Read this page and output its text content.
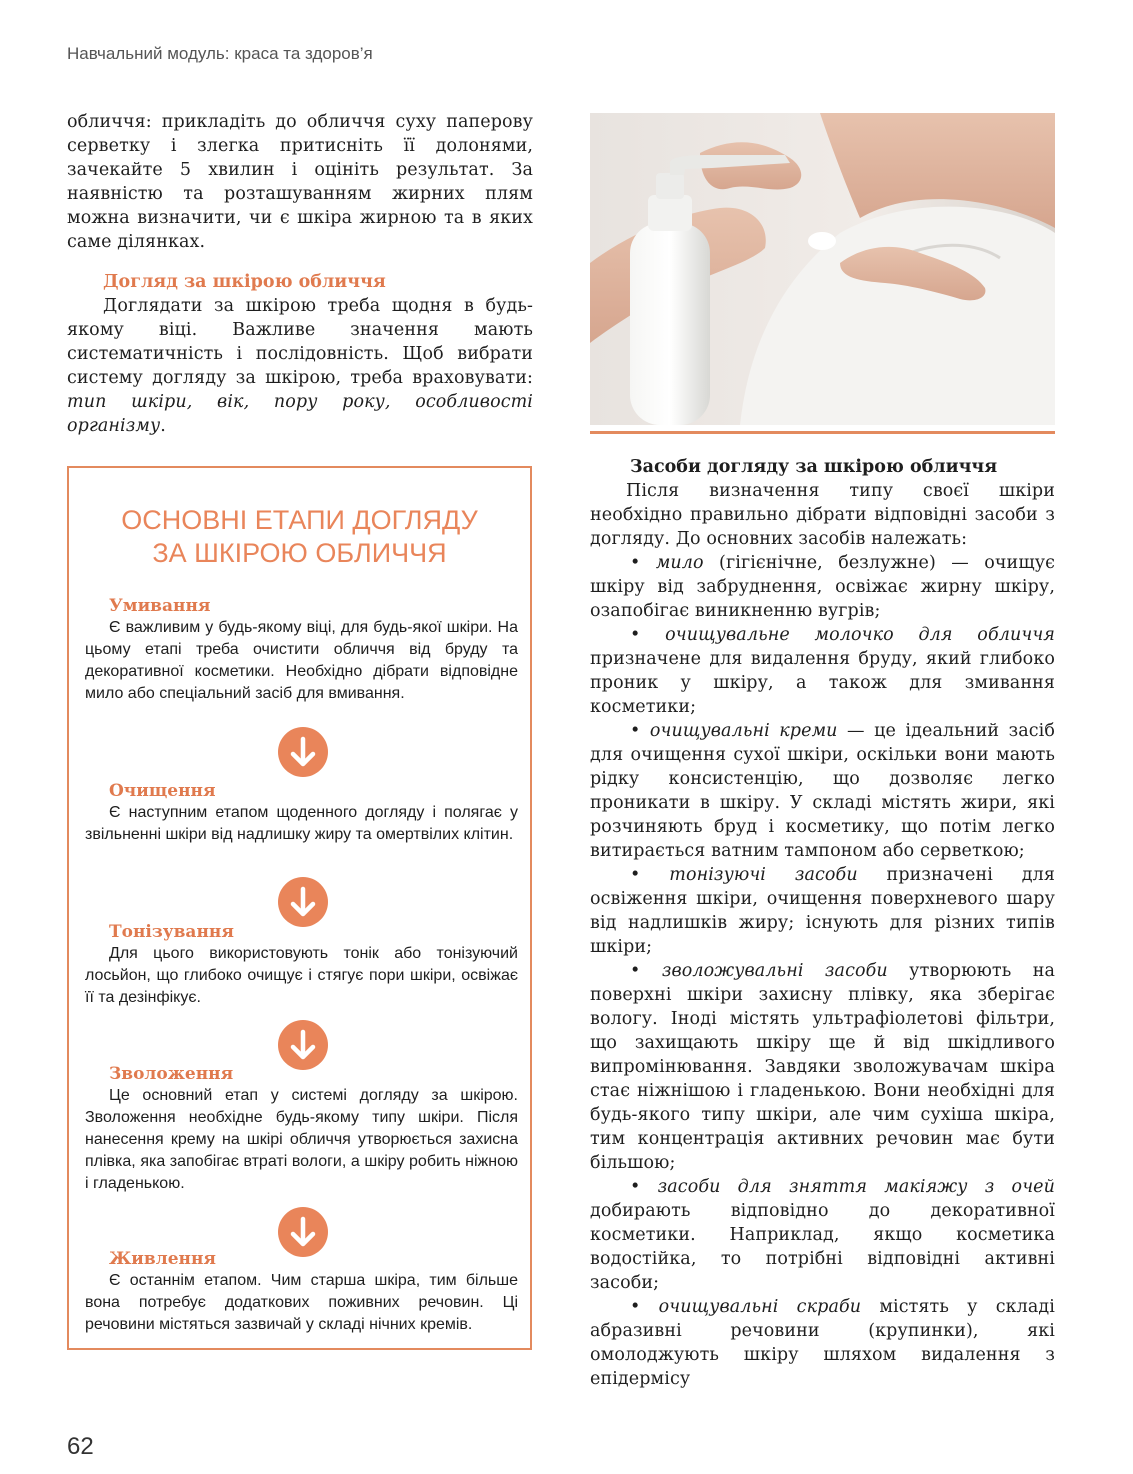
Навчальний модуль: краса та здоров’я

обличчя: прикладіть до обличчя суху паперову серветку і злегка притисніть її долонями, зачекайте 5 хвилин і оцініть результат. За наявністю та розташуванням жирних плям можна визначити, чи є шкіра жирною та в яких саме ділянках.

Догляд за шкірою обличчя

Доглядати за шкірою треба щодня в будь-якому віці. Важливе значення мають систематичність і послідовність. Щоб вибрати систему догляду за шкірою, треба враховувати: тип шкіри, вік, пору року, особливості організму.

ОСНОВНІ ЕТАПИ ДОГЛЯДУ
ЗА ШКІРОЮ ОБЛИЧЧЯ
Умивання

Є важливим у будь-якому віці, для будь-якої шкіри. На цьому етапі треба очистити обличчя від бруду та декоративної косметики. Необхідно дібрати відповідне мило або спеціальний засіб для вмивання.

Очищення

Є наступним етапом щоденного догляду і полягає у звільненні шкіри від надлишку жиру та омертвілих клітин.

Тонізування

Для цього використовують тонік або тонізуючий лосьйон, що глибоко очищує і стягує пори шкіри, освіжає її та дезінфікує.

Зволоження

Це основний етап у системі догляду за шкірою. Зволоження необхідне будь-якому типу шкіри. Після нанесення крему на шкірі обличчя утворюється захисна плівка, яка запобігає втраті вологи, а шкіру робить ніжною і гладенькою.

Живлення

Є останнім етапом. Чим старша шкіра, тим більше вона потребує додаткових поживних речовин. Ці речовини містяться зазвичай у складі нічних кремів.

Засоби догляду за шкірою обличчя

Після визначення типу своєї шкіри необхідно правильно дібрати відповідні засоби з догляду. До основних засобів належать:

• мило (гігієнічне, безлужне) — очищує шкіру від забруднення, освіжає жирну шкіру, озапобігає виникненню вугрів;

• очищувальне молочко для обличчя призначене для видалення бруду, який глибоко проник у шкіру, а також для змивання косметики;

• очищувальні креми — це ідеальний засіб для очищення сухої шкіри, оскільки вони мають рідку консистенцію, що дозволяє легко проникати в шкіру. У складі містять жири, які розчиняють бруд і косметику, що потім легко витирається ватним тампоном або серветкою;

• тонізуючі засоби призначені для освіження шкіри, очищення поверхневого шару від надлишків жиру; існують для різних типів шкіри;

• зволожувальні засоби утворюють на поверхні шкіри захисну плівку, яка зберігає вологу. Іноді містять ультрафіолетові фільтри, що захищають шкіру ще й від шкідливого випромінювання. Завдяки зволожувачам шкіра стає ніжнішою і гладенькою. Вони необхідні для будь-якого типу шкіри, але чим сухіша шкіра, тим концентрація активних речовин має бути більшою;

• засоби для зняття макіяжу з очей добирають відповідно до декоративної косметики. Наприклад, якщо косметика водостійка, то потрібні відповідні активні засоби;

• очищувальні скраби містять у складі абразивні речовини (крупинки), які омолоджують шкіру шляхом видалення з епідермісу

62
